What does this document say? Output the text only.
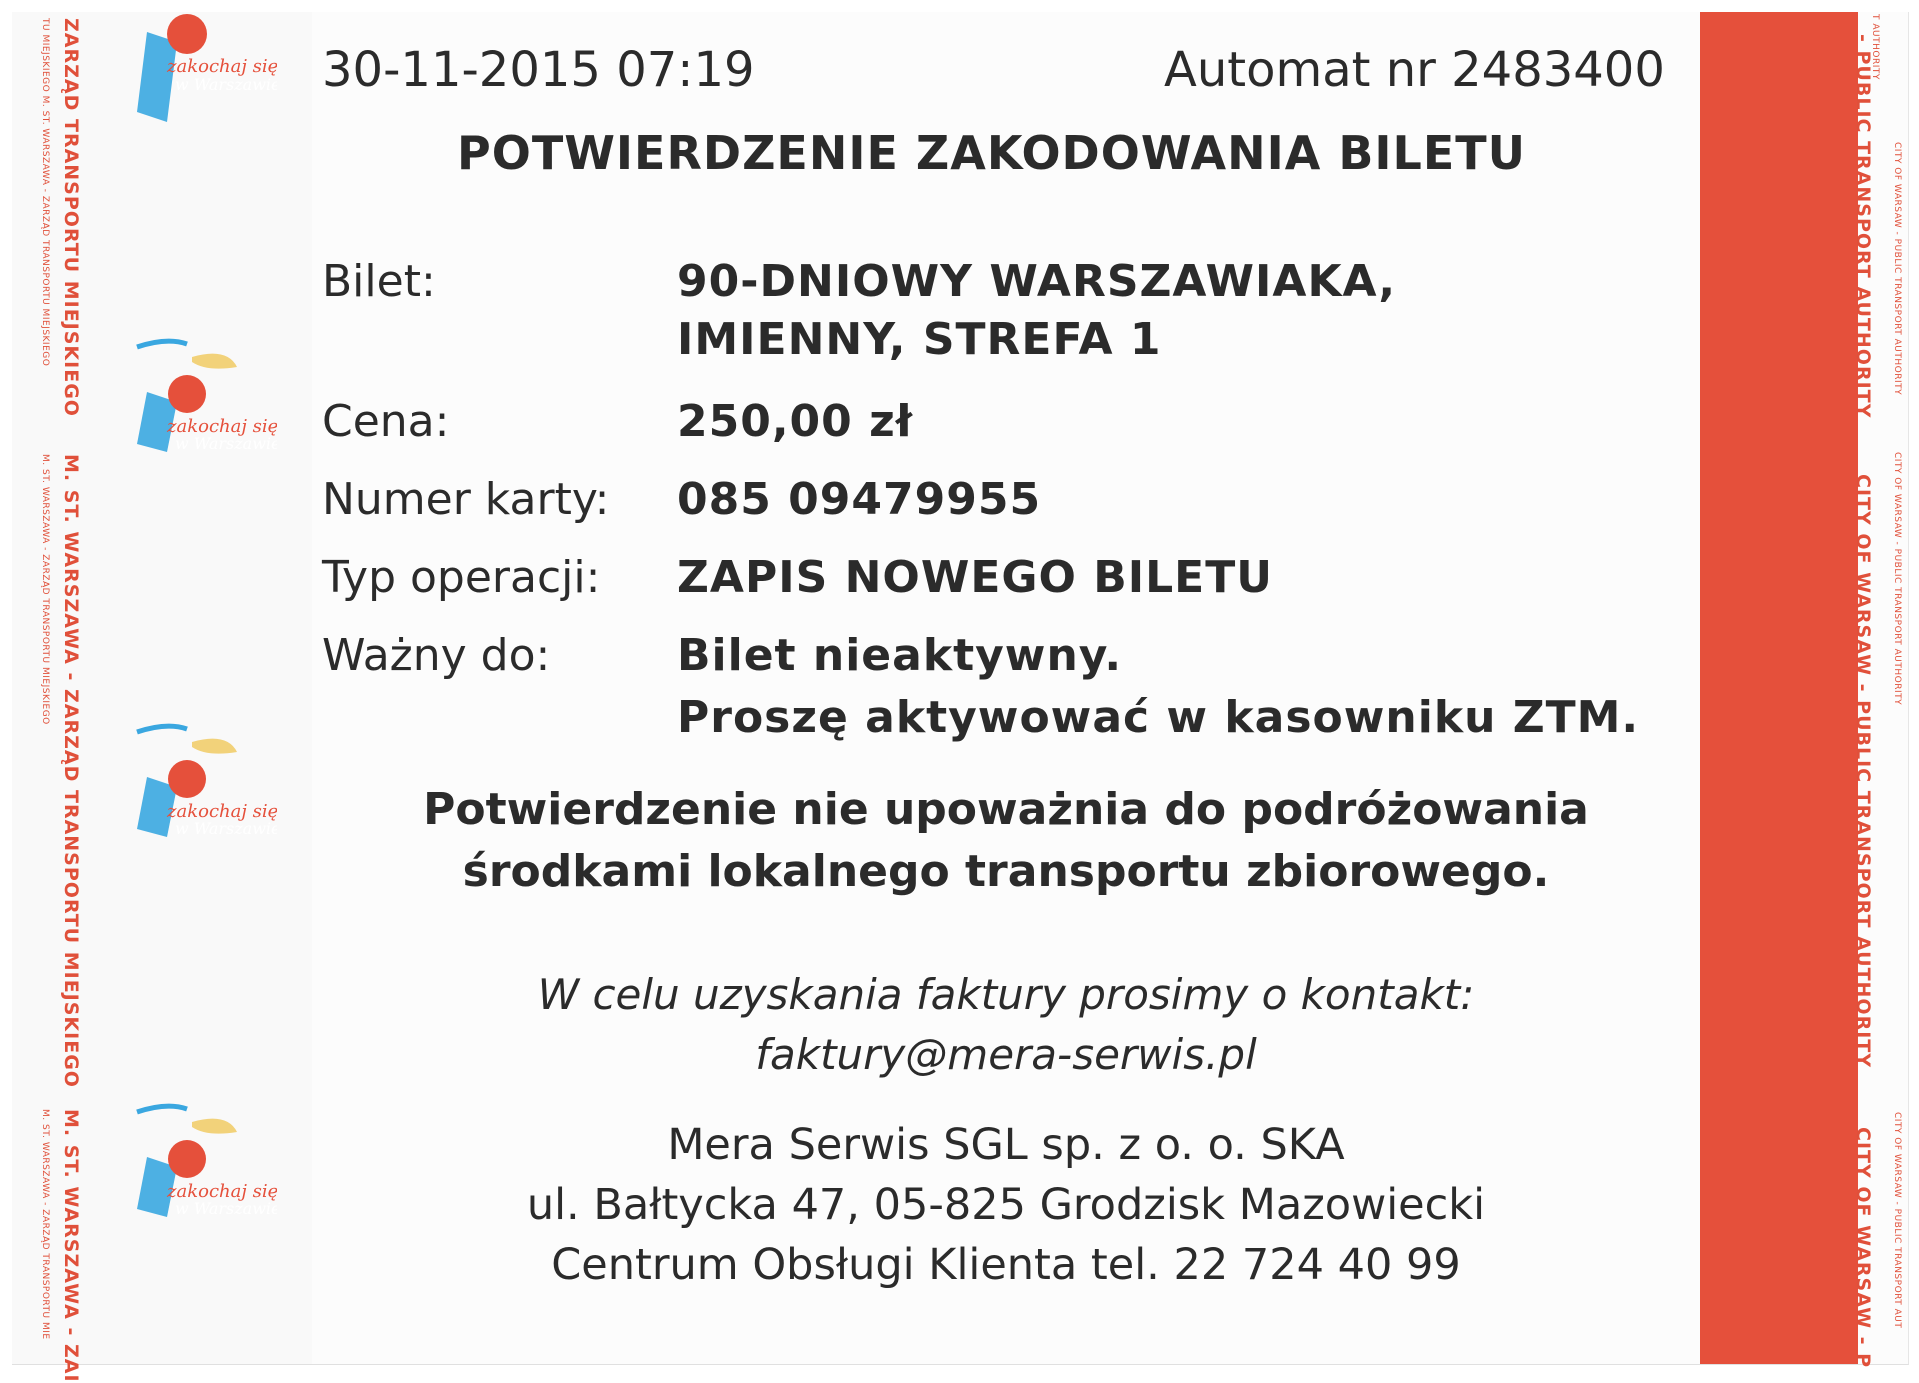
ZARZĄD TRANSPORTU MIEJSKIEGO
TU MIEJSKIEGO M. ST. WARSZAWA - ZARZĄD TRANSPORTU MIEJSKIEGO
M. ST. WARSZAWA - ZARZĄD TRANSPORTU MIEJSKIEGO
M. ST. WARSZAWA - ZARZĄD TRANSPORTU MIEJSKIEGO
M. ST. WARSZAWA - ZAI
M. ST. WARSZAWA - ZARZĄD TRANSPORTU MIE
zakochaj się
w Warszawie
zakochaj się
w Warszawie
zakochaj się
w Warszawie
zakochaj się
w Warszawie
T AUTHORITY
- PUBLIC TRANSPORT AUTHORITY CITY OF WARSAW - PUBLIC TRANSPORT AUTHORITY
CITY OF WARSAW - PUBLIC TRANSPORT AUTHORITY CITY OF WARSAW - PUBLIC TRANSPORT AUTHORITY
CITY OF WARSAW - P CITY OF WARSAW - PUBLIC TRANSPORT AUT
30-11-2015 07:19	Automat nr 2483400
POTWIERDZENIE ZAKODOWANIA BILETU
Bilet:	90-DNIOWY WARSZAWIAKA,
IMIENNY, STREFA 1
Cena:	250,00 zł
Numer karty: 085 09479955
Typ operacji: ZAPIS NOWEGO BILETU
Ważny do:	Bilet nieaktywny.
Proszę aktywować w kasowniku ZTM.
Potwierdzenie nie upoważnia do podróżowania
środkami lokalnego transportu zbiorowego.
W celu uzyskania faktury prosimy o kontakt:
faktury@mera-serwis.pl
Mera Serwis SGL sp. z o. o. SKA
ul. Bałtycka 47, 05-825 Grodzisk Mazowiecki
Centrum Obsługi Klienta tel. 22 724 40 99
